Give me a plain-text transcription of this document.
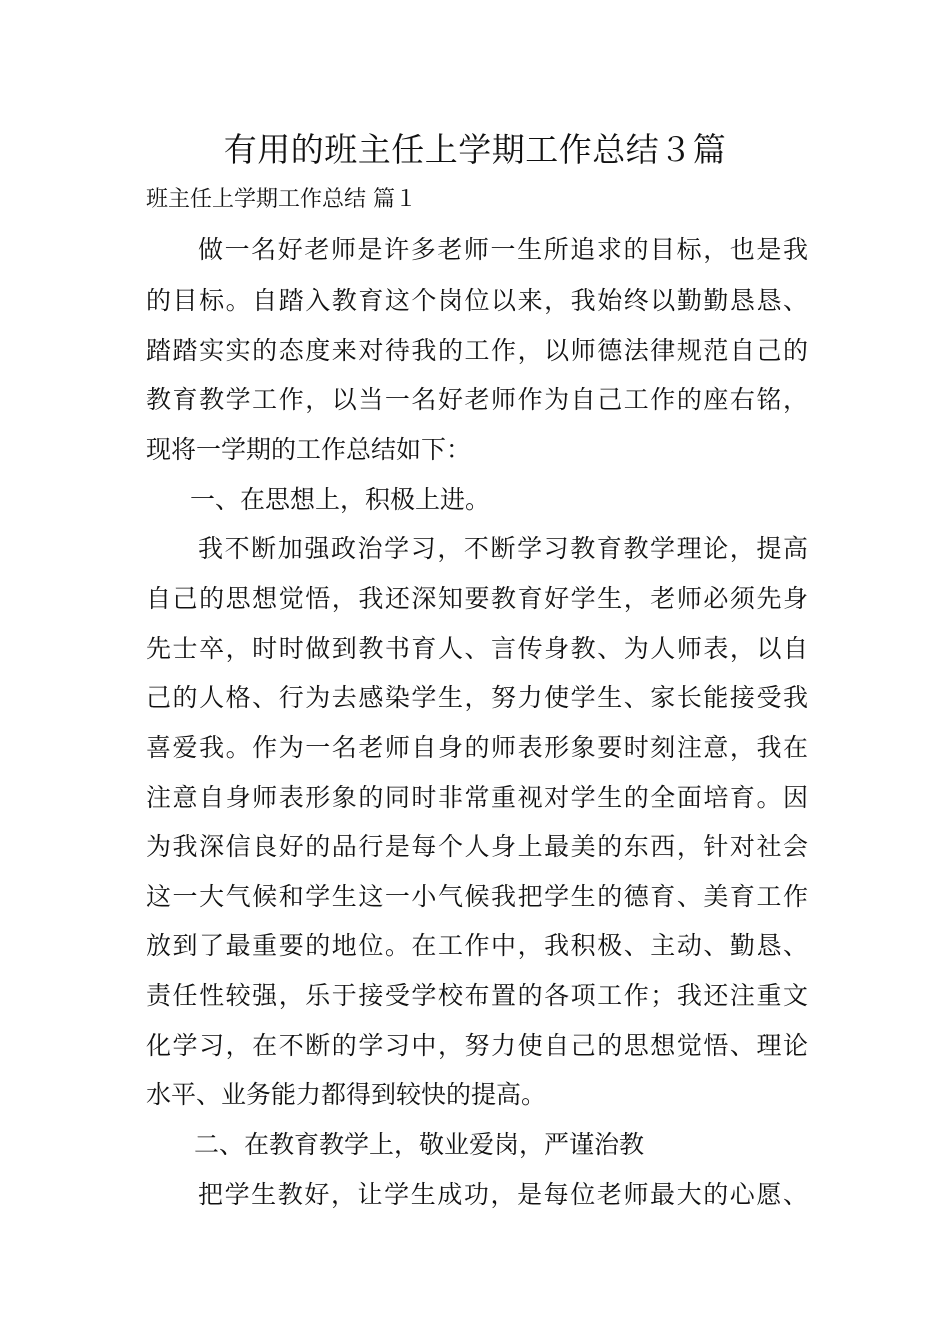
有用的班主任上学期工作总结３篇

班主任上学期工作总结 篇１

做一名好老师是许多老师一生所追求的目标，也是我

的目标。自踏入教育这个岗位以来，我始终以勤勤恳恳、

踏踏实实的态度来对待我的工作，以师德法律规范自己的

教育教学工作，以当一名好老师作为自己工作的座右铭，

现将一学期的工作总结如下：

一、在思想上，积极上进。

我不断加强政治学习，不断学习教育教学理论，提高

自己的思想觉悟，我还深知要教育好学生，老师必须先身

先士卒，时时做到教书育人、言传身教、为人师表，以自

己的人格、行为去感染学生，努力使学生、家长能接受我

喜爱我。作为一名老师自身的师表形象要时刻注意，我在

注意自身师表形象的同时非常重视对学生的全面培育。因

为我深信良好的品行是每个人身上最美的东西，针对社会

这一大气候和学生这一小气候我把学生的德育、美育工作

放到了最重要的地位。在工作中，我积极、主动、勤恳、

责任性较强，乐于接受学校布置的各项工作；我还注重文

化学习，在不断的学习中，努力使自己的思想觉悟、理论

水平、业务能力都得到较快的提高。

二、在教育教学上，敬业爱岗，严谨治教

把学生教好，让学生成功，是每位老师最大的心愿、
